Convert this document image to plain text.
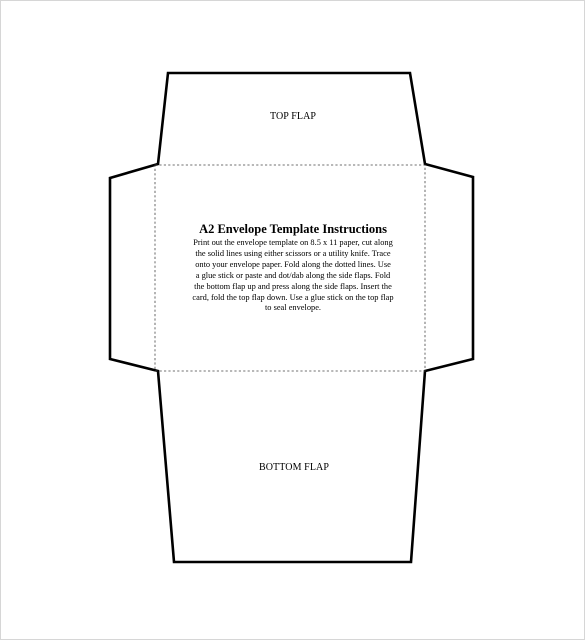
TOP FLAP
A2 Envelope Template Instructions
Print out the envelope template on 8.5 x 11 paper, cut along
the solid lines using either scissors or a utility knife. Trace
onto your envelope paper. Fold along the dotted lines. Use
a glue stick or paste and dot/dab along the side flaps. Fold
the bottom flap up and press along the side flaps. Insert the
card, fold the top flap down. Use a glue stick on the top flap
to seal envelope.
BOTTOM FLAP
